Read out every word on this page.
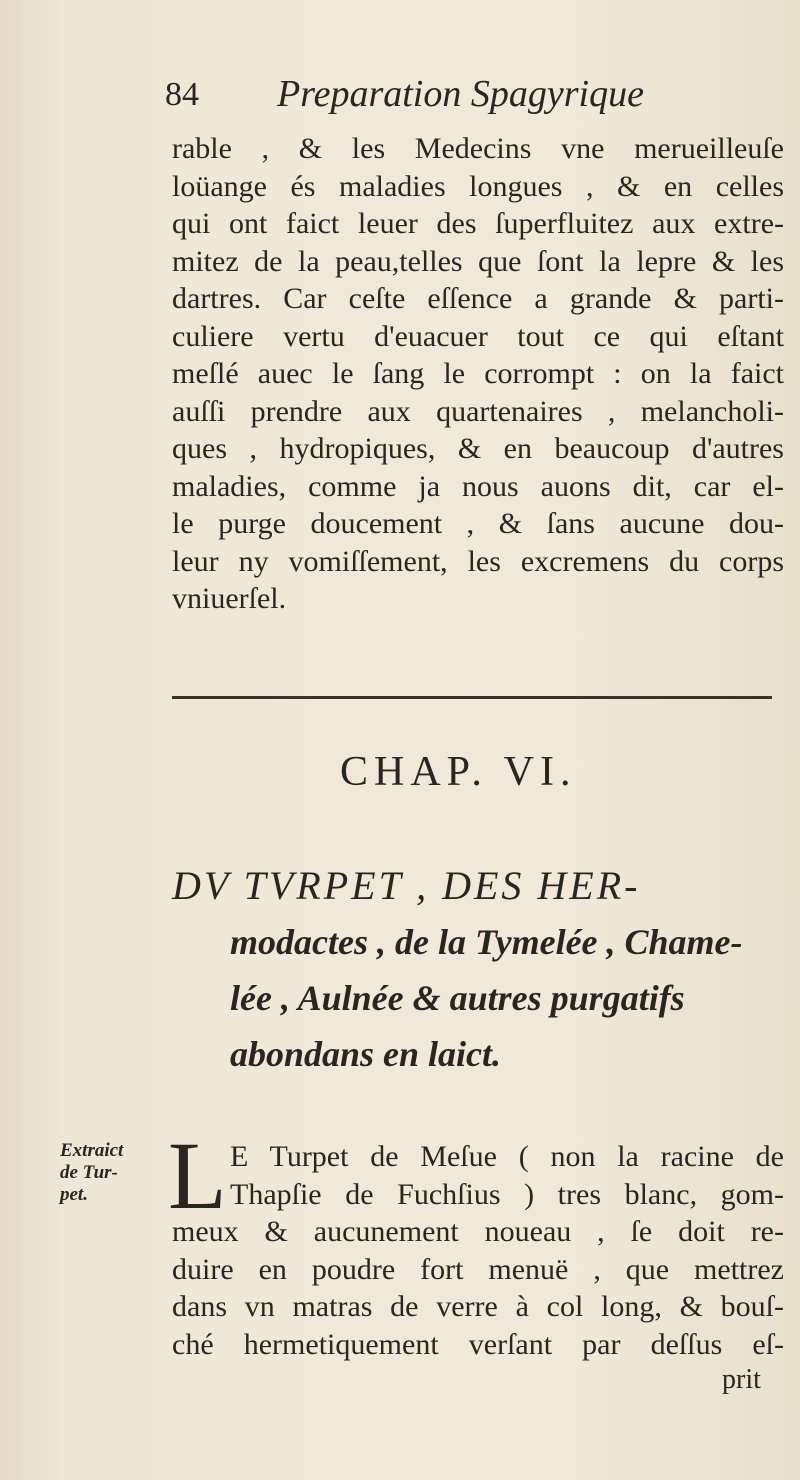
84 Preparation Spagyrique
rable , & les Medecins vne merueilleuſe
loüange és maladies longues , & en celles
qui ont faict leuer des ſuperfluitez aux extre-
mitez de la peau,telles que ſont la lepre & les
dartres. Car ceſte eſſence a grande & parti-
culiere vertu d'euacuer tout ce qui eſtant
meſlé auec le ſang le corrompt : on la faict
auſſi prendre aux quartenaires , melancholi-
ques , hydropiques, & en beaucoup d'autres
maladies, comme ja nous auons dit, car el-
le purge doucement , & ſans aucune dou-
leur ny vomiſſement, les excremens du corps
vniuerſel.
CHAP. VI.
DV TVRPET , DES HER-
modactes , de la Tymelée , Chame-
lée , Aulnée & autres purgatifs
abondans en laict.
Extraict
de Tur-
pet. L E Turpet de Meſue ( non la racine de
Thapſie de Fuchſius ) tres blanc, gom-
meux & aucunement noueau , ſe doit re-
duire en poudre fort menuë , que mettrez
dans vn matras de verre à col long, & bouſ-
ché hermetiquement verſant par deſſus eſ-
prit
